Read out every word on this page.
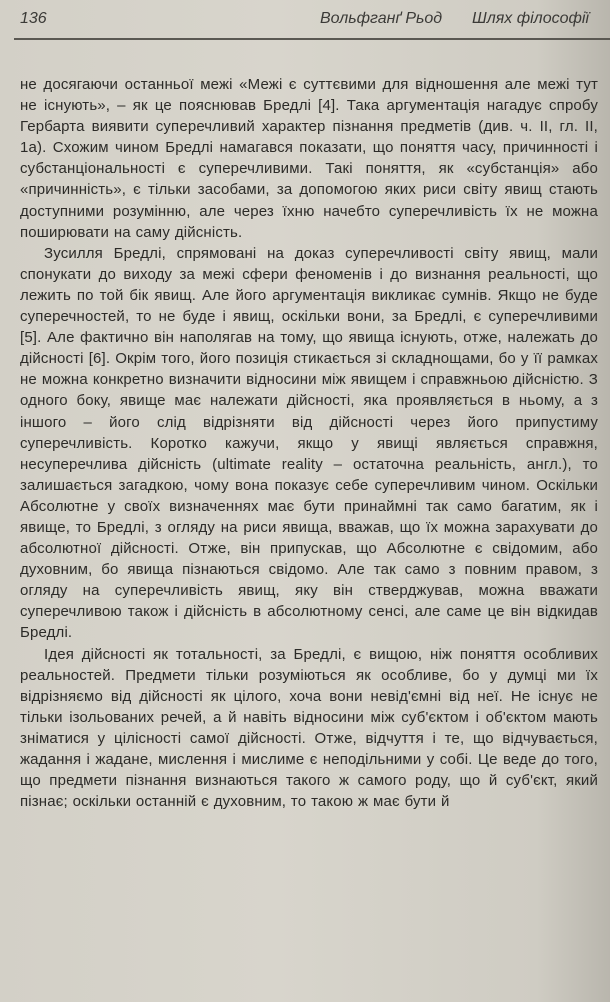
136	Вольфганґ Рьод Шлях філософії

не досягаючи останньої межі «Межі є суттєвими для відношення але межі тут не існують», – як це пояснював Бредлі [4]. Така аргументація нагадує спробу Гербарта виявити суперечливий характер пізнання предметів (див. ч. II, гл. II, 1а). Схожим чином Бредлі намагався показати, що поняття часу, причинності і субстанціональності є суперечливими. Такі поняття, як «субстанція» або «причинність», є тільки засобами, за допомогою яких риси світу явищ стають доступними розумінню, але через їхню начебто суперечливість їх не можна поширювати на саму дійсність.

Зусилля Бредлі, спрямовані на доказ суперечливості світу явищ, мали спонукати до виходу за межі сфери феноменів і до визнання реальності, що лежить по той бік явищ. Але його аргументація викликає сумнів. Якщо не буде суперечностей, то не буде і явищ, оскільки вони, за Бредлі, є суперечливими [5]. Але фактично він наполягав на тому, що явища існують, отже, належать до дійсності [6]. Окрім того, його позиція стикається зі складнощами, бо у її рамках не можна конкретно визначити відносини між явищем і справжньою дійсністю. З одного боку, явище має належати дійсності, яка проявляється в ньому, а з іншого – його слід відрізняти від дійсності через його припустиму суперечливість. Коротко кажучи, якщо у явищі являється справжня, несуперечлива дійсність (ultimate reality – остаточна реальність, англ.), то залишається загадкою, чому вона показує себе суперечливим чином. Оскільки Абсолютне у своїх визначеннях має бути принаймні так само багатим, як і явище, то Бредлі, з огляду на риси явища, вважав, що їх можна зарахувати до абсолютної дійсності. Отже, він припускав, що Абсолютне є свідомим, або духовним, бо явища пізнаються свідомо. Але так само з повним правом, з огляду на суперечливість явищ, яку він стверджував, можна вважати суперечливою також і дійсність в абсолютному сенсі, але саме це він відкидав Бредлі.

Ідея дійсності як тотальності, за Бредлі, є вищою, ніж поняття особливих реальностей. Предмети тільки розуміються як особливе, бо у думці ми їх відрізняємо від дійсності як цілого, хоча вони невід'ємні від неї. Не існує не тільки ізольованих речей, а й навіть відносини між суб'єктом і об'єктом мають зніматися у цілісності самої дійсності. Отже, відчуття і те, що відчувається, жадання і жадане, мислення і мислиме є неподільними у собі. Це веде до того, що предмети пізнання визнаються такого ж самого роду, що й суб'єкт, який пізнає; оскільки останній є духовним, то такою ж має бути й
